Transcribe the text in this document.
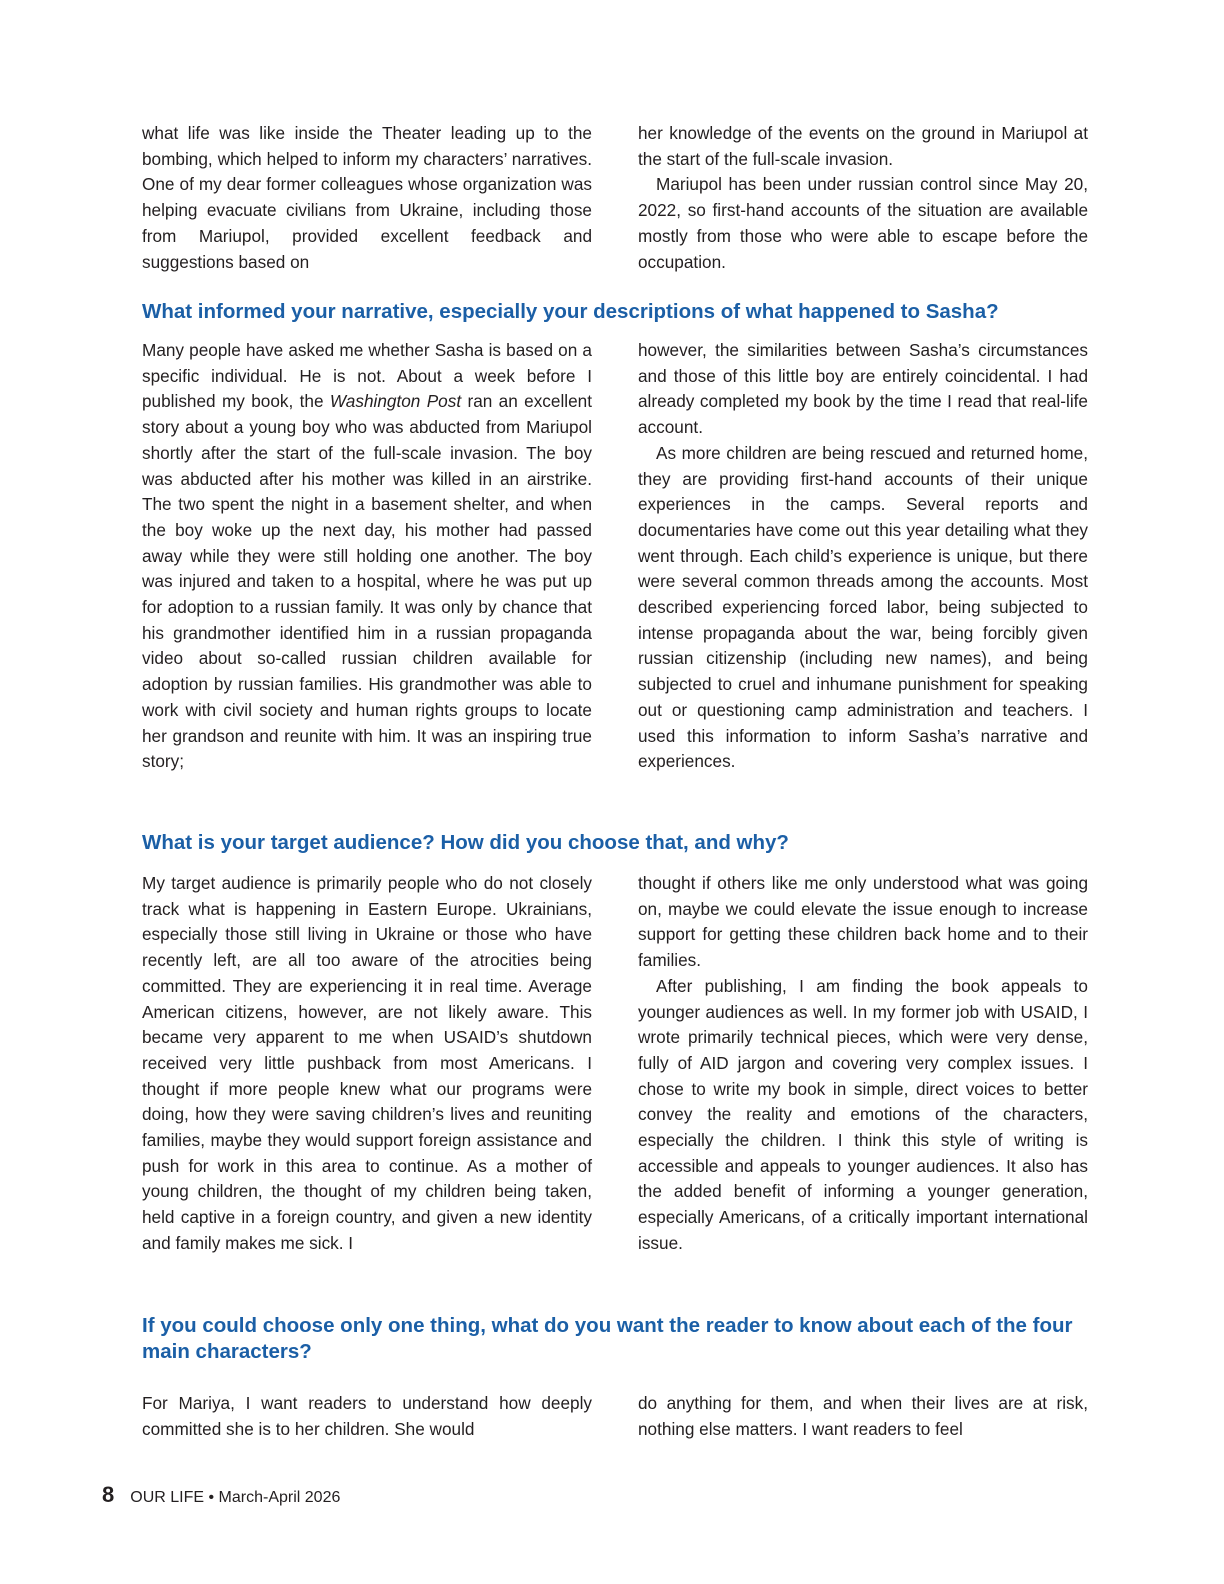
what life was like inside the Theater leading up to the bombing, which helped to inform my characters’ narratives. One of my dear former colleagues whose organization was helping evacuate civilians from Ukraine, including those from Mariupol, provided excellent feedback and suggestions based on

her knowledge of the events on the ground in Mariupol at the start of the full-scale invasion.

Mariupol has been under russian control since May 20, 2022, so first-hand accounts of the situation are available mostly from those who were able to escape before the occupation.

What informed your narrative, especially your descriptions of what happened to Sasha?

Many people have asked me whether Sasha is based on a specific individual. He is not. About a week before I published my book, the Washington Post ran an excellent story about a young boy who was abducted from Mariupol shortly after the start of the full-scale invasion. The boy was abducted after his mother was killed in an airstrike. The two spent the night in a basement shelter, and when the boy woke up the next day, his mother had passed away while they were still holding one another. The boy was injured and taken to a hospital, where he was put up for adoption to a russian family. It was only by chance that his grandmother identified him in a russian propaganda video about so-called russian children available for adoption by russian families. His grandmother was able to work with civil society and human rights groups to locate her grandson and reunite with him. It was an inspiring true story;

however, the similarities between Sasha’s circumstances and those of this little boy are entirely coincidental. I had already completed my book by the time I read that real-life account.

As more children are being rescued and returned home, they are providing first-hand accounts of their unique experiences in the camps. Several reports and documentaries have come out this year detailing what they went through. Each child’s experience is unique, but there were several common threads among the accounts. Most described experiencing forced labor, being subjected to intense propaganda about the war, being forcibly given russian citizenship (including new names), and being subjected to cruel and inhumane punishment for speaking out or questioning camp administration and teachers. I used this information to inform Sasha’s narrative and experiences.

What is your target audience? How did you choose that, and why?

My target audience is primarily people who do not closely track what is happening in Eastern Europe. Ukrainians, especially those still living in Ukraine or those who have recently left, are all too aware of the atrocities being committed. They are experiencing it in real time. Average American citizens, however, are not likely aware. This became very apparent to me when USAID’s shutdown received very little pushback from most Americans. I thought if more people knew what our programs were doing, how they were saving children’s lives and reuniting families, maybe they would support foreign assistance and push for work in this area to continue. As a mother of young children, the thought of my children being taken, held captive in a foreign country, and given a new identity and family makes me sick. I

thought if others like me only understood what was going on, maybe we could elevate the issue enough to increase support for getting these children back home and to their families.

After publishing, I am finding the book appeals to younger audiences as well. In my former job with USAID, I wrote primarily technical pieces, which were very dense, fully of AID jargon and covering very complex issues. I chose to write my book in simple, direct voices to better convey the reality and emotions of the characters, especially the children. I think this style of writing is accessible and appeals to younger audiences. It also has the added benefit of informing a younger generation, especially Americans, of a critically important international issue.

If you could choose only one thing, what do you want the reader to know about each of the four main characters?

For Mariya, I want readers to understand how deeply committed she is to her children. She would

do anything for them, and when their lives are at risk, nothing else matters. I want readers to feel

8 OUR LIFE • March-April 2026
